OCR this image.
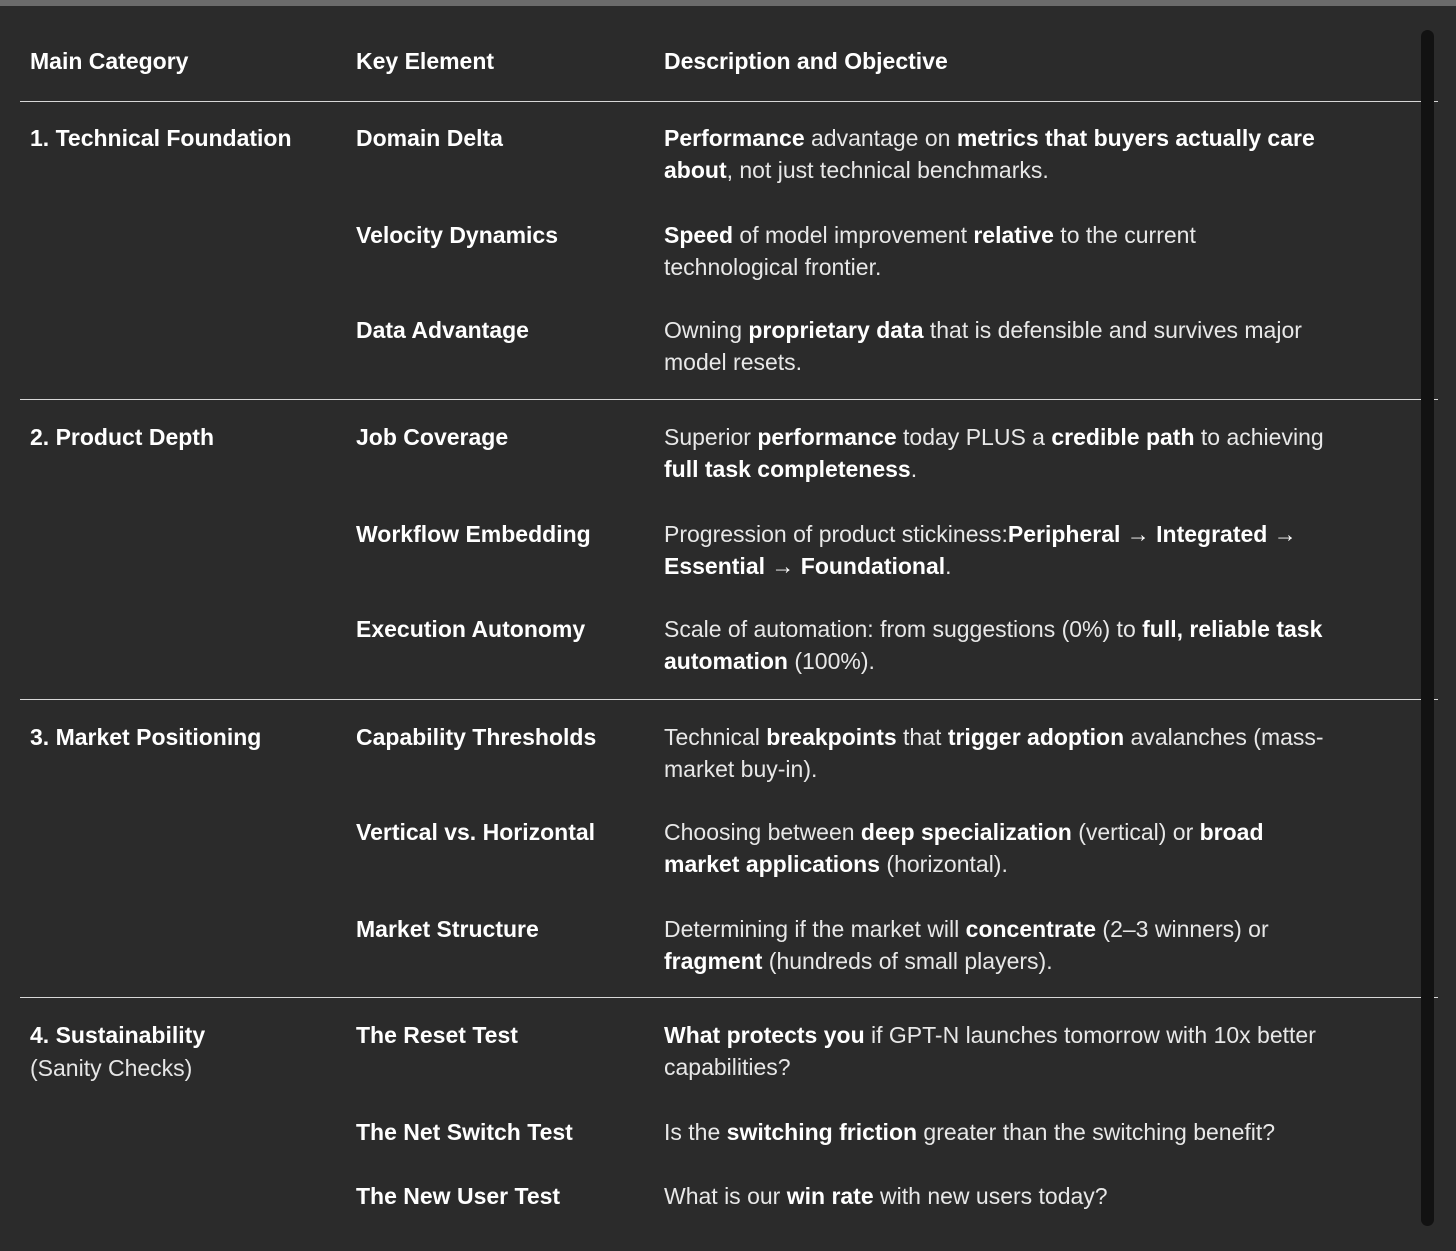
Main Category	Key Element	Description and Objective
1. Technical Foundation	Domain Delta	Performance advantage on metrics that buyers actually care about, not just technical benchmarks.
Velocity Dynamics	Speed of model improvement relative to the current technological frontier.
Data Advantage	Owning proprietary data that is defensible and survives major model resets.
2. Product Depth	Job Coverage	Superior performance today PLUS a credible path to achieving full task completeness.
Workflow Embedding	Progression of product stickiness:Peripheral → Integrated → Essential → Foundational.
Execution Autonomy	Scale of automation: from suggestions (0%) to full, reliable task automation (100%).
3. Market Positioning	Capability Thresholds	Technical breakpoints that trigger adoption avalanches (mass-market buy-in).
Vertical vs. Horizontal	Choosing between deep specialization (vertical) or broad market applications (horizontal).
Market Structure	Determining if the market will concentrate (2–3 winners) or fragment (hundreds of small players).
4. Sustainability
(Sanity Checks)
The Reset Test	What protects you if GPT-N launches tomorrow with 10x better capabilities?
The Net Switch Test	Is the switching friction greater than the switching benefit?
The New User Test	What is our win rate with new users today?
